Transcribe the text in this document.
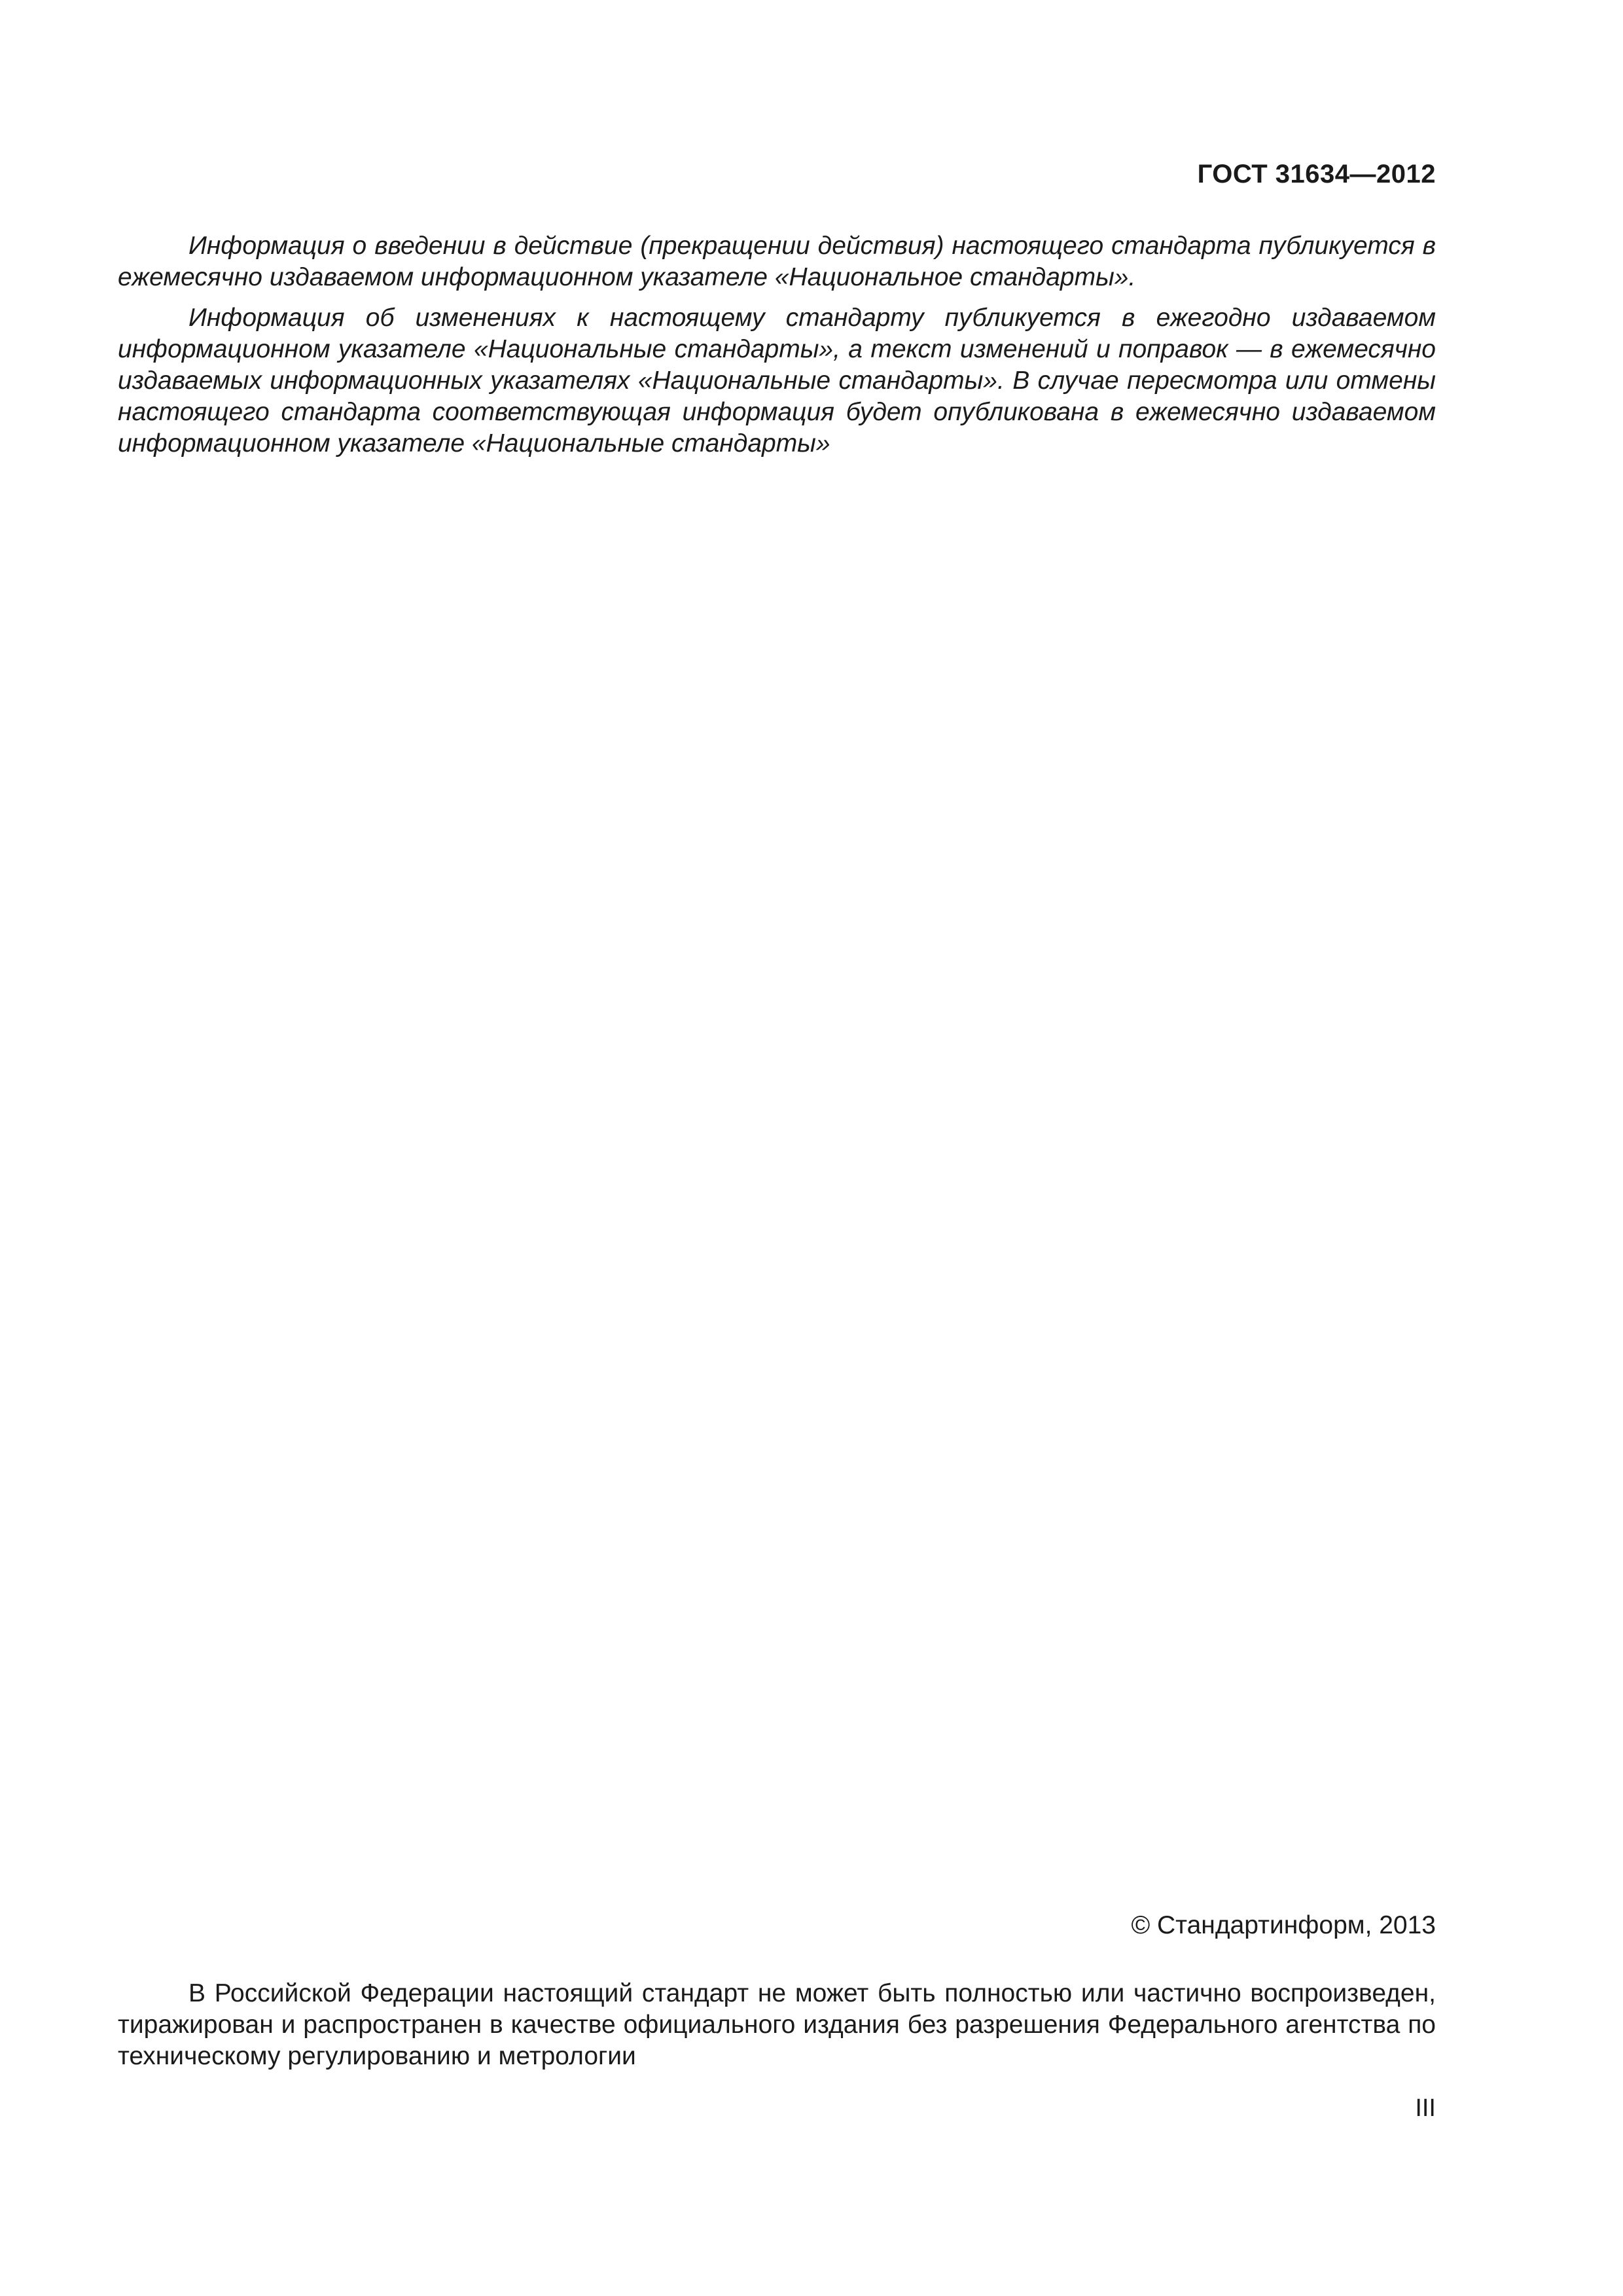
ГОСТ 31634—2012

Информация о введении в действие (прекращении действия) настоящего стандарта публикуется в ежемесячно издаваемом информационном указателе «Национальное стандарты».

Информация об изменениях к настоящему стандарту публикуется в ежегодно издаваемом информационном указателе «Национальные стандарты», а текст изменений и поправок — в ежемесячно издаваемых информационных указателях «Национальные стандарты». В случае пересмотра или отмены настоящего стандарта соответствующая информация будет опубликована в ежемесячно издаваемом информационном указателе «Национальные стандарты»

© Стандартинформ, 2013

В Российской Федерации настоящий стандарт не может быть полностью или частично воспроизведен, тиражирован и распространен в качестве официального издания без разрешения Федерального агентства по техническому регулированию и метрологии

III
